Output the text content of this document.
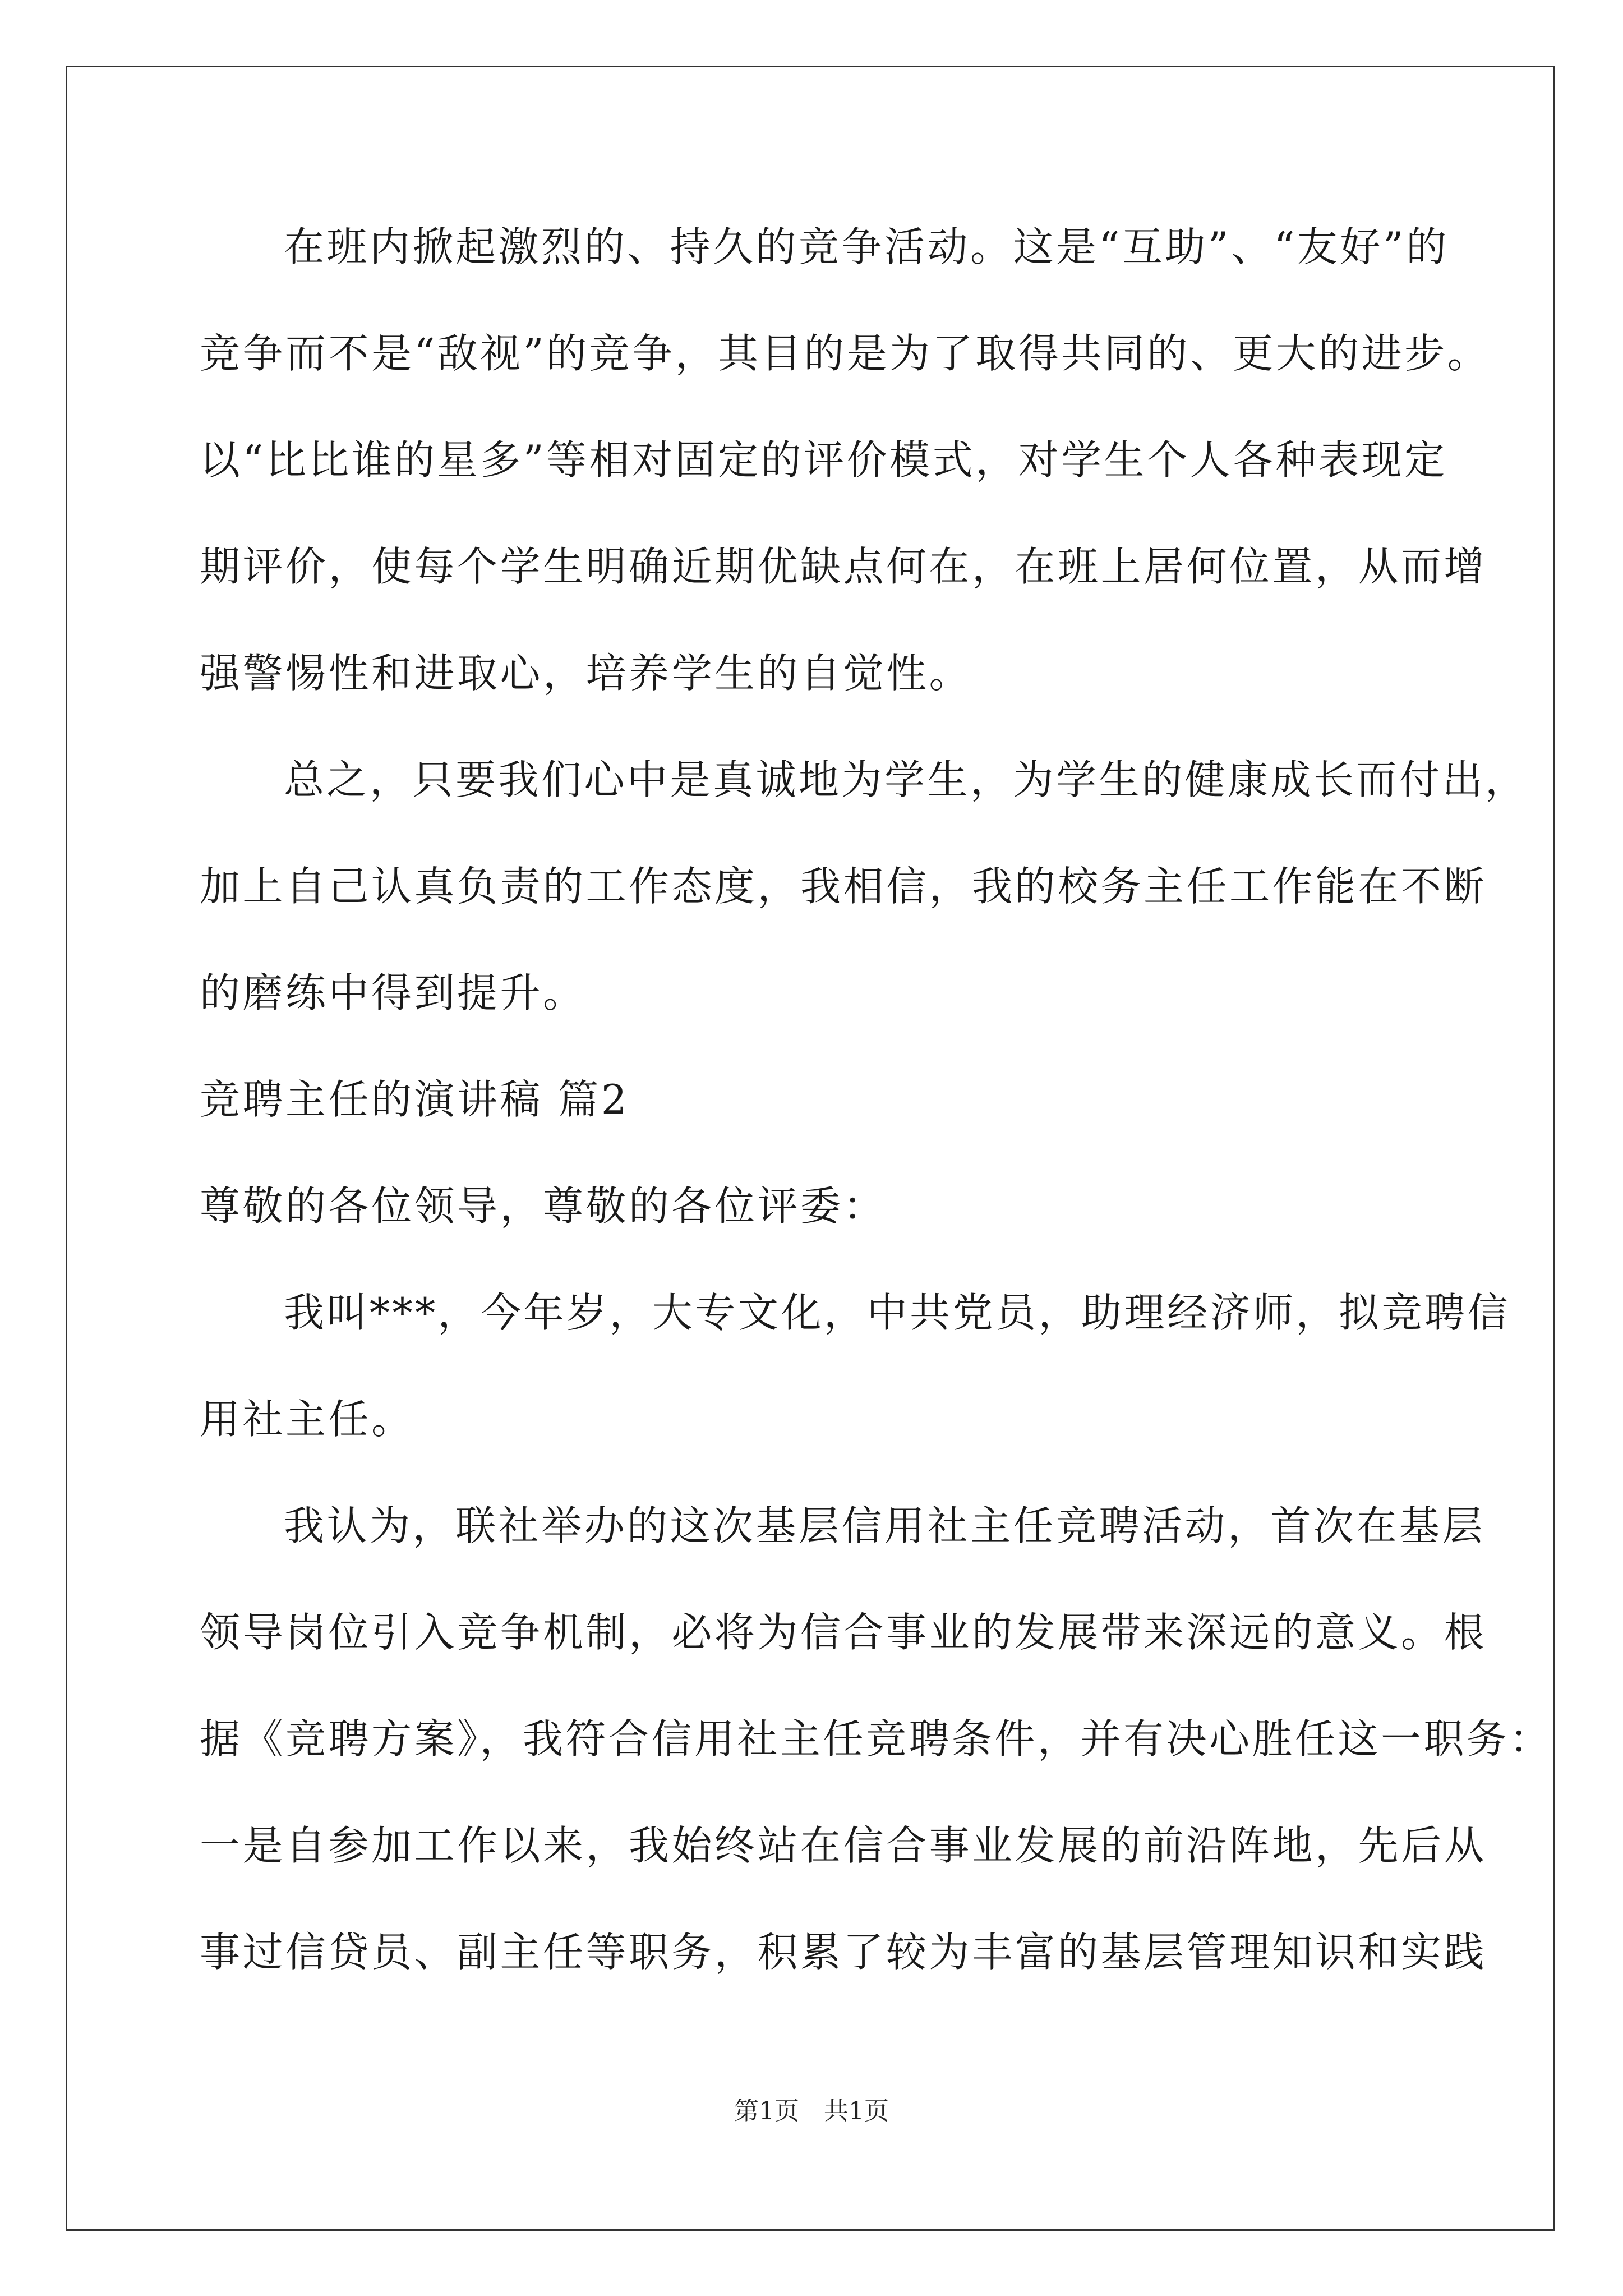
在班内掀起激烈的、持久的竞争活动。这是“互助”、“友好”的
竞争而不是“敌视”的竞争，其目的是为了取得共同的、更大的进步。
以“比比谁的星多”等相对固定的评价模式，对学生个人各种表现定
期评价，使每个学生明确近期优缺点何在，在班上居何位置，从而增
强警惕性和进取心，培养学生的自觉性。
总之，只要我们心中是真诚地为学生，为学生的健康成长而付出，
加上自己认真负责的工作态度，我相信，我的校务主任工作能在不断
的磨练中得到提升。
竞聘主任的演讲稿 篇2
尊敬的各位领导，尊敬的各位评委：
我叫***，今年岁，大专文化，中共党员，助理经济师，拟竞聘信
用社主任。
我认为，联社举办的这次基层信用社主任竞聘活动，首次在基层
领导岗位引入竞争机制，必将为信合事业的发展带来深远的意义。根
据《竞聘方案》，我符合信用社主任竞聘条件，并有决心胜任这一职务：
一是自参加工作以来，我始终站在信合事业发展的前沿阵地，先后从
事过信贷员、副主任等职务，积累了较为丰富的基层管理知识和实践
第1页　共1页
